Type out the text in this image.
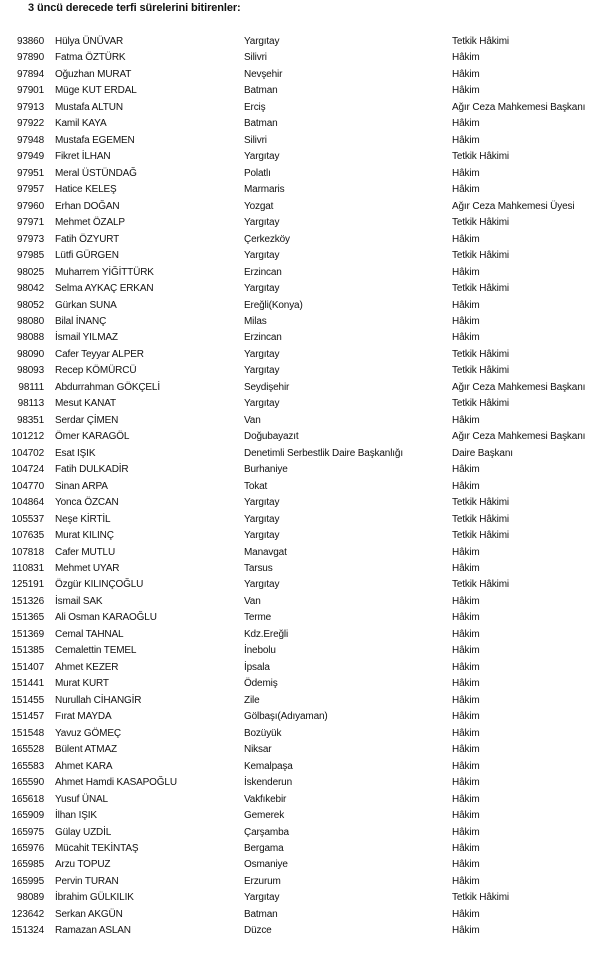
3 üncü derecede terfi sürelerini bitirenler:
93860 Hülya ÜNÜVAR	Yargıtay	Tetkik Hâkimi
97890 Fatma ÖZTÜRK	Silivri	Hâkim
97894 Oğuzhan MURAT	Nevşehir	Hâkim
97901 Müge KUT ERDAL	Batman	Hâkim
97913 Mustafa ALTUN	Erciş	Ağır Ceza Mahkemesi Başkanı
97922 Kamil KAYA	Batman	Hâkim
97948 Mustafa EGEMEN	Silivri	Hâkim
97949 Fikret İLHAN	Yargıtay	Tetkik Hâkimi
97951 Meral ÜSTÜNDAĞ	Polatlı	Hâkim
97957 Hatice KELEŞ	Marmaris	Hâkim
97960 Erhan DOĞAN	Yozgat	Ağır Ceza Mahkemesi Üyesi
97971 Mehmet ÖZALP	Yargıtay	Tetkik Hâkimi
97973 Fatih ÖZYURT	Çerkezköy	Hâkim
97985 Lütfi GÜRGEN	Yargıtay	Tetkik Hâkimi
98025 Muharrem YİĞİTTÜRK	Erzincan	Hâkim
98042 Selma AYKAÇ ERKAN	Yargıtay	Tetkik Hâkimi
98052 Gürkan SUNA	Ereğli(Konya)	Hâkim
98080 Bilal İNANÇ	Milas	Hâkim
98088 İsmail YILMAZ	Erzincan	Hâkim
98090 Cafer Teyyar ALPER	Yargıtay	Tetkik Hâkimi
98093 Recep KÖMÜRCÜ	Yargıtay	Tetkik Hâkimi
98111 Abdurrahman GÖKÇELİ	Seydişehir	Ağır Ceza Mahkemesi Başkanı
98113 Mesut KANAT	Yargıtay	Tetkik Hâkimi
98351 Serdar ÇİMEN	Van	Hâkim
101212 Ömer KARAGÖL	Doğubayazıt	Ağır Ceza Mahkemesi Başkanı
104702 Esat IŞIK	Denetimli Serbestlik Daire Başkanlığı	Daire Başkanı
104724 Fatih DULKADİR	Burhaniye	Hâkim
104770 Sinan ARPA	Tokat	Hâkim
104864 Yonca ÖZCAN	Yargıtay	Tetkik Hâkimi
105537 Neşe KİRTİL	Yargıtay	Tetkik Hâkimi
107635 Murat KILINÇ	Yargıtay	Tetkik Hâkimi
107818 Cafer MUTLU	Manavgat	Hâkim
110831 Mehmet UYAR	Tarsus	Hâkim
125191 Özgür KILINÇOĞLU	Yargıtay	Tetkik Hâkimi
151326 İsmail SAK	Van	Hâkim
151365 Ali Osman KARAOĞLU	Terme	Hâkim
151369 Cemal TAHNAL	Kdz.Ereğli	Hâkim
151385 Cemalettin TEMEL	İnebolu	Hâkim
151407 Ahmet KEZER	İpsala	Hâkim
151441 Murat KURT	Ödemiş	Hâkim
151455 Nurullah CİHANGİR	Zile	Hâkim
151457 Fırat MAYDA	Gölbaşı(Adıyaman)	Hâkim
151548 Yavuz GÖMEÇ	Bozüyük	Hâkim
165528 Bülent ATMAZ	Niksar	Hâkim
165583 Ahmet KARA	Kemalpaşa	Hâkim
165590 Ahmet Hamdi KASAPOĞLU	İskenderun	Hâkim
165618 Yusuf ÜNAL	Vakfıkebir	Hâkim
165909 İlhan IŞIK	Gemerek	Hâkim
165975 Gülay UZDİL	Çarşamba	Hâkim
165976 Mücahit TEKİNTAŞ	Bergama	Hâkim
165985 Arzu TOPUZ	Osmaniye	Hâkim
165995 Pervin TURAN	Erzurum	Hâkim
98089 İbrahim GÜLKILIK	Yargıtay	Tetkik Hâkimi
123642 Serkan AKGÜN	Batman	Hâkim
151324 Ramazan ASLAN	Düzce	Hâkim
